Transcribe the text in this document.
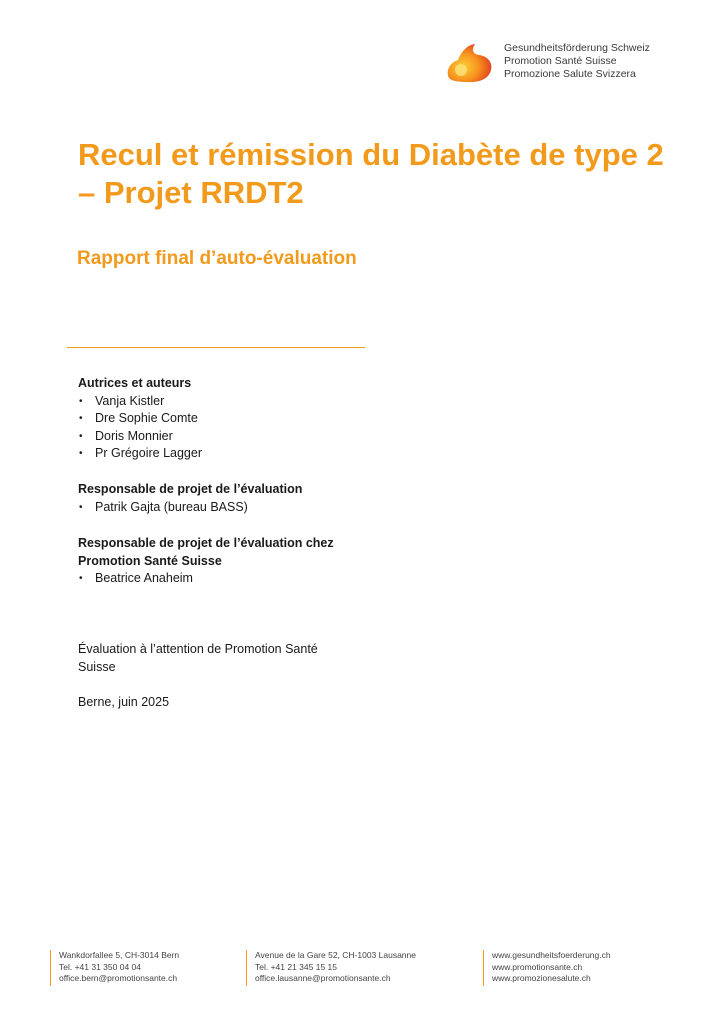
Gesundheitsförderung Schweiz
Promotion Santé Suisse
Promozione Salute Svizzera
Recul et rémission du Diabète de type 2 – Projet RRDT2
Rapport final d’auto-évaluation
Autrices et auteurs
• Vanja Kistler
• Dre Sophie Comte
• Doris Monnier
• Pr Grégoire Lagger
Responsable de projet de l’évaluation
• Patrik Gajta (bureau BASS)
Responsable de projet de l’évaluation chez Promotion Santé Suisse
• Beatrice Anaheim

Évaluation à l’attention de Promotion Santé Suisse

Berne, juin 2025

Wankdorfallee 5, CH-3014 Bern
Tel. +41 31 350 04 04
office.bern@promotionsante.ch
Avenue de la Gare 52, CH-1003 Lausanne
Tel. +41 21 345 15 15
office.lausanne@promotionsante.ch
www.gesundheitsfoerderung.ch
www.promotionsante.ch
www.promozionesalute.ch
